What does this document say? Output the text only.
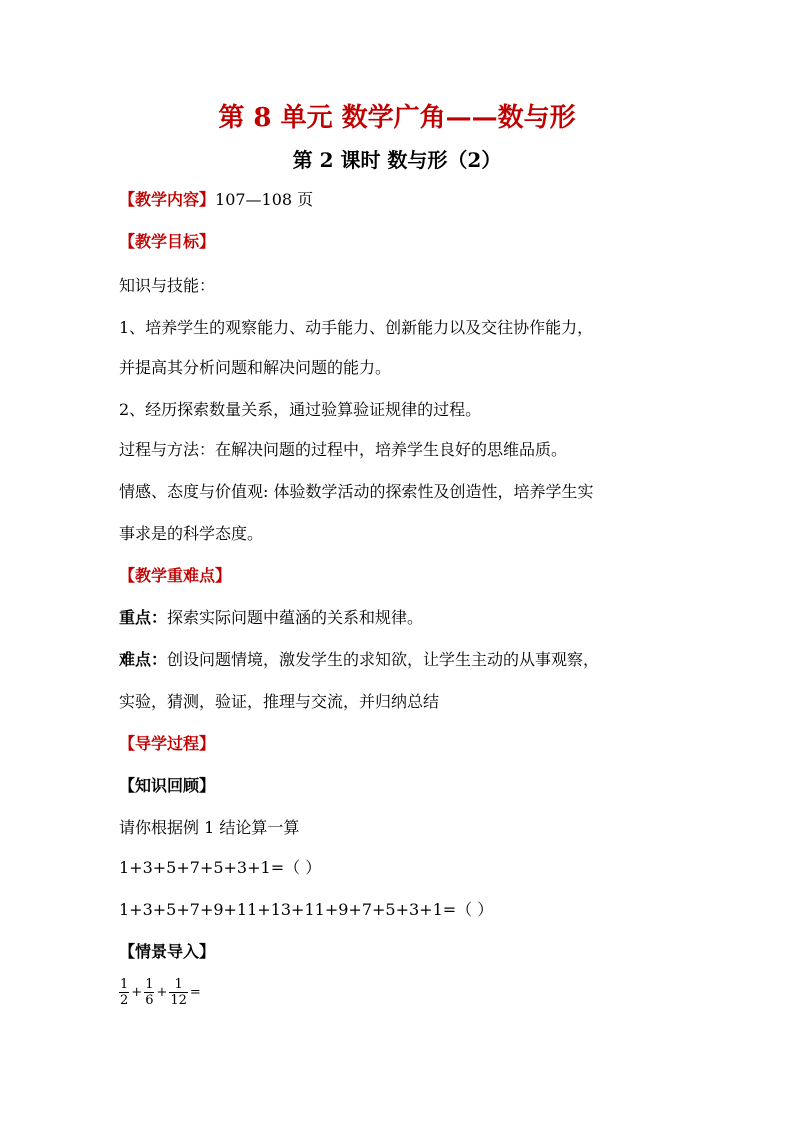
第 8 单元 数学广角——数与形
第 2 课时 数与形（2）
【教学内容】107—108 页
【教学目标】
知识与技能：
1、培养学生的观察能力、动手能力、创新能力以及交往协作能力，
并提高其分析问题和解决问题的能力。
2、经历探索数量关系，通过验算验证规律的过程。
过程与方法：在解决问题的过程中，培养学生良好的思维品质。
情感、态度与价值观: 体验数学活动的探索性及创造性，培养学生实
事求是的科学态度。
【教学重难点】
重点：探索实际问题中蕴涵的关系和规律。
难点：创设问题情境，激发学生的求知欲，让学生主动的从事观察，
实验，猜测，验证，推理与交流，并归纳总结
【导学过程】
【知识回顾】
请你根据例 1 结论算一算
1+3+5+7+5+3+1=（ ）
1+3+5+7+9+11+13+11+9+7+5+3+1=（ ）
【情景导入】
$\frac{1}{2} + \frac{1}{6} + \frac{1}{12}$ =
